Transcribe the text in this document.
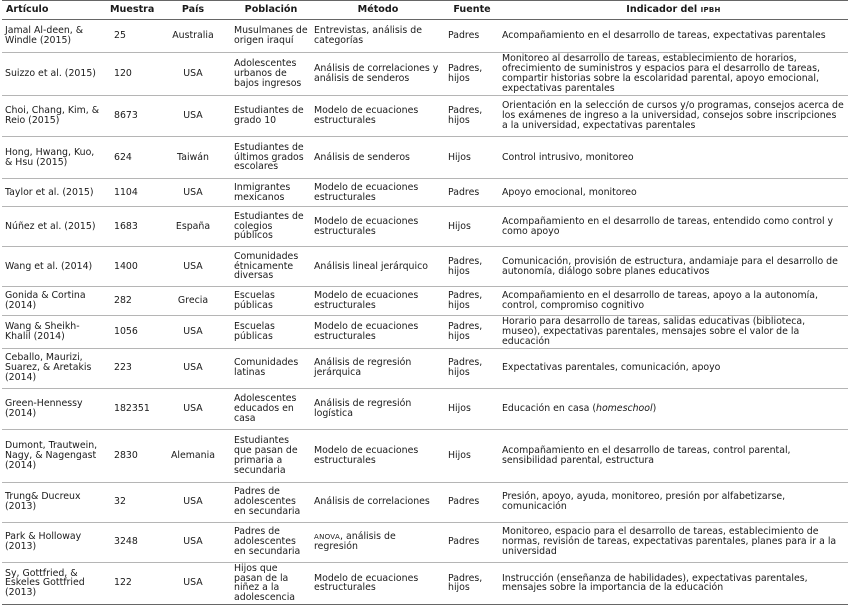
Artículo	Muestra	País	Población	Método	Fuente	Indicador del IPBH
Jamal Al-deen, & Windle (2015)	25	Australia	Musulmanes de origen iraquí	Entrevistas, análisis de categorías	Padres	Acompañamiento en el desarrollo de tareas, expectativas parentales
Suizzo et al. (2015)	120	USA	Adolescentes urbanos de bajos ingresos	Análisis de correlaciones y análisis de senderos	Padres, hijos	Monitoreo al desarrollo de tareas, establecimiento de horarios, ofrecimiento de suministros y espacios para el desarrollo de tareas, compartir historias sobre la escolaridad parental, apoyo emocional, expectativas parentales
Choi, Chang, Kim, & Reio (2015)	8673	USA	Estudiantes de grado 10	Modelo de ecuaciones estructurales	Padres, hijos	Orientación en la selección de cursos y/o programas, consejos acerca de los exámenes de ingreso a la universidad, consejos sobre inscripciones a la universidad, expectativas parentales
Hong, Hwang, Kuo, & Hsu (2015)	624	Taiwán	Estudiantes de últimos grados escolares	Análisis de senderos	Hijos	Control intrusivo, monitoreo
Taylor et al. (2015)	1104	USA	Inmigrantes mexicanos	Modelo de ecuaciones estructurales	Padres	Apoyo emocional, monitoreo
Núñez et al. (2015)	1683	España	Estudiantes de colegios públicos	Modelo de ecuaciones estructurales	Hijos	Acompañamiento en el desarrollo de tareas, entendido como control y como apoyo
Wang et al. (2014)	1400	USA	Comunidades étnicamente diversas	Análisis lineal jerárquico	Padres, hijos	Comunicación, provisión de estructura, andamiaje para el desarrollo de autonomía, diálogo sobre planes educativos
Gonida & Cortina (2014)	282	Grecia	Escuelas públicas	Modelo de ecuaciones estructurales	Padres, hijos	Acompañamiento en el desarrollo de tareas, apoyo a la autonomía, control, compromiso cognitivo
Wang & Sheikh-Khalil (2014)	1056	USA	Escuelas públicas	Modelo de ecuaciones estructurales	Padres, hijos	Horario para desarrollo de tareas, salidas educativas (biblioteca, museo), expectativas parentales, mensajes sobre el valor de la educación
Ceballo, Maurizi, Suarez, & Aretakis (2014)	223	USA	Comunidades latinas	Análisis de regresión jerárquica	Padres, hijos	Expectativas parentales, comunicación, apoyo
Green-Hennessy (2014)	182351	USA	Adolescentes educados en casa	Análisis de regresión logística	Hijos	Educación en casa (homeschool)
Dumont, Trautwein, Nagy, & Nagengast (2014)	2830	Alemania	Estudiantes que pasan de primaria a secundaria	Modelo de ecuaciones estructurales	Hijos	Acompañamiento en el desarrollo de tareas, control parental, sensibilidad parental, estructura
Trung& Ducreux (2013)	32	USA	Padres de adolescentes en secundaria	Análisis de correlaciones	Padres	Presión, apoyo, ayuda, monitoreo, presión por alfabetizarse, comunicación
Park & Holloway (2013)	3248	USA	Padres de adolescentes en secundaria	ANOVA, análisis de regresión	Padres	Monitoreo, espacio para el desarrollo de tareas, establecimiento de normas, revisión de tareas, expectativas parentales, planes para ir a la universidad
Sy, Gottfried, & Eskeles Gottfried (2013)	122	USA	Hijos que pasan de la niñez a la adolescencia	Modelo de ecuaciones estructurales	Padres, hijos	Instrucción (enseñanza de habilidades), expectativas parentales, mensajes sobre la importancia de la educación
